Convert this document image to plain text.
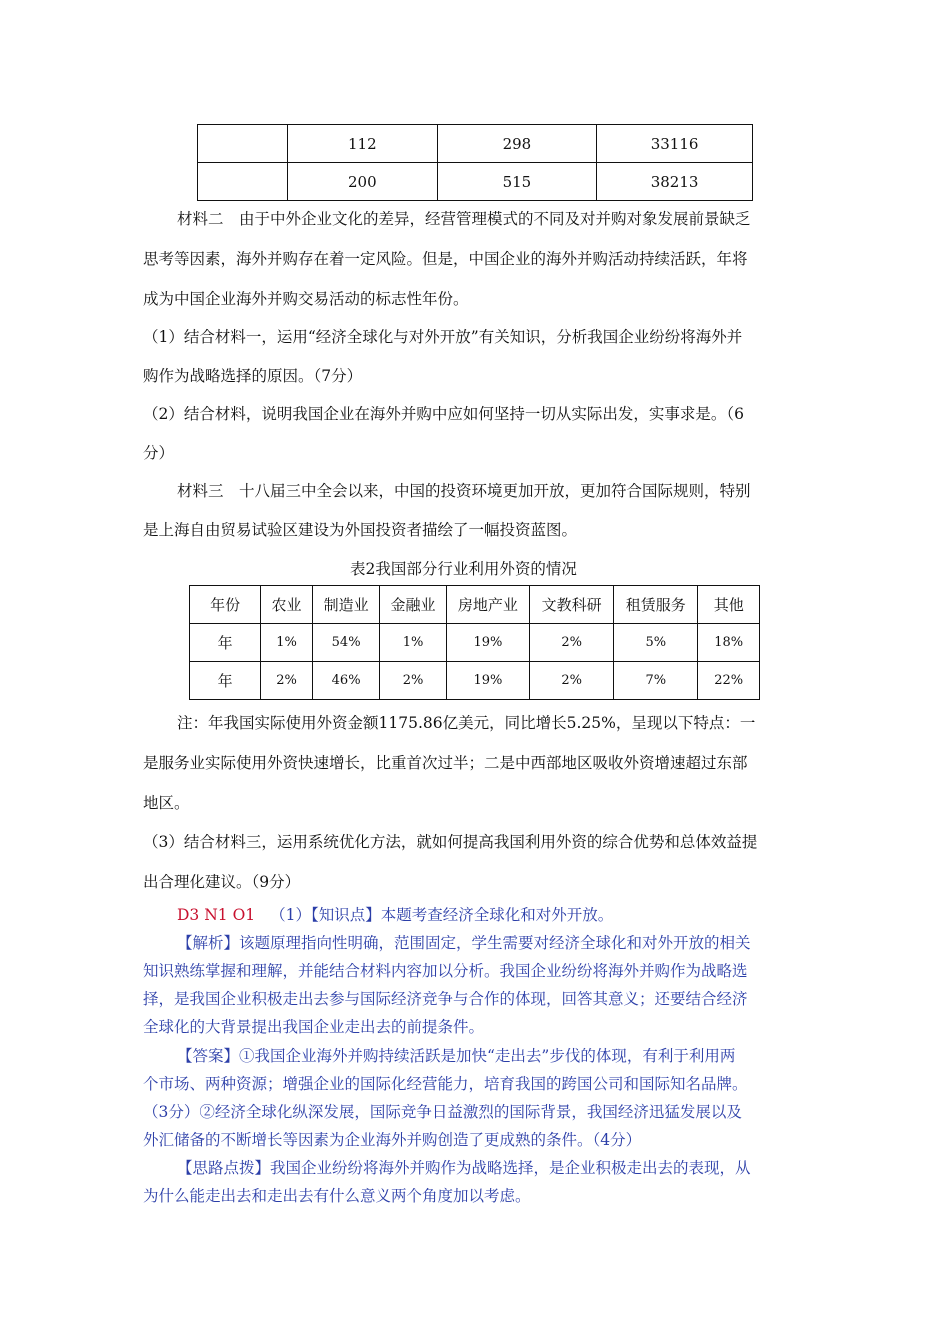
	112	298	33116
	200	515	38213
材料二　由于中外企业文化的差异，经营管理模式的不同及对并购对象发展前景缺乏
思考等因素，海外并购存在着一定风险。但是，中国企业的海外并购活动持续活跃，年将
成为中国企业海外并购交易活动的标志性年份。
（1）结合材料一，运用“经济全球化与对外开放”有关知识，分析我国企业纷纷将海外并
购作为战略选择的原因。（7分）
（2）结合材料，说明我国企业在海外并购中应如何坚持一切从实际出发，实事求是。（6
分）
材料三　十八届三中全会以来，中国的投资环境更加开放，更加符合国际规则，特别
是上海自由贸易试验区建设为外国投资者描绘了一幅投资蓝图。
表2我国部分行业利用外资的情况
年份	农业	制造业	金融业	房地产业	文教科研	租赁服务	其他
年	1%	54%	1%	19%	2%	5%	18%
年	2%	46%	2%	19%	2%	7%	22%
注：年我国实际使用外资金额1175.86亿美元，同比增长5.25%，呈现以下特点：一
是服务业实际使用外资快速增长，比重首次过半；二是中西部地区吸收外资增速超过东部
地区。
（3）结合材料三，运用系统优化方法，就如何提高我国利用外资的综合优势和总体效益提
出合理化建议。（9分）
D3 N1 O1 （1）【知识点】本题考查经济全球化和对外开放。
【解析】该题原理指向性明确，范围固定，学生需要对经济全球化和对外开放的相关
知识熟练掌握和理解，并能结合材料内容加以分析。我国企业纷纷将海外并购作为战略选
择，是我国企业积极走出去参与国际经济竞争与合作的体现，回答其意义；还要结合经济
全球化的大背景提出我国企业走出去的前提条件。
【答案】①我国企业海外并购持续活跃是加快“走出去”步伐的体现，有利于利用两
个市场、两种资源；增强企业的国际化经营能力，培育我国的跨国公司和国际知名品牌。
（3分）②经济全球化纵深发展，国际竞争日益激烈的国际背景，我国经济迅猛发展以及
外汇储备的不断增长等因素为企业海外并购创造了更成熟的条件。（4分）
【思路点拨】我国企业纷纷将海外并购作为战略选择，是企业积极走出去的表现，从
为什么能走出去和走出去有什么意义两个角度加以考虑。
